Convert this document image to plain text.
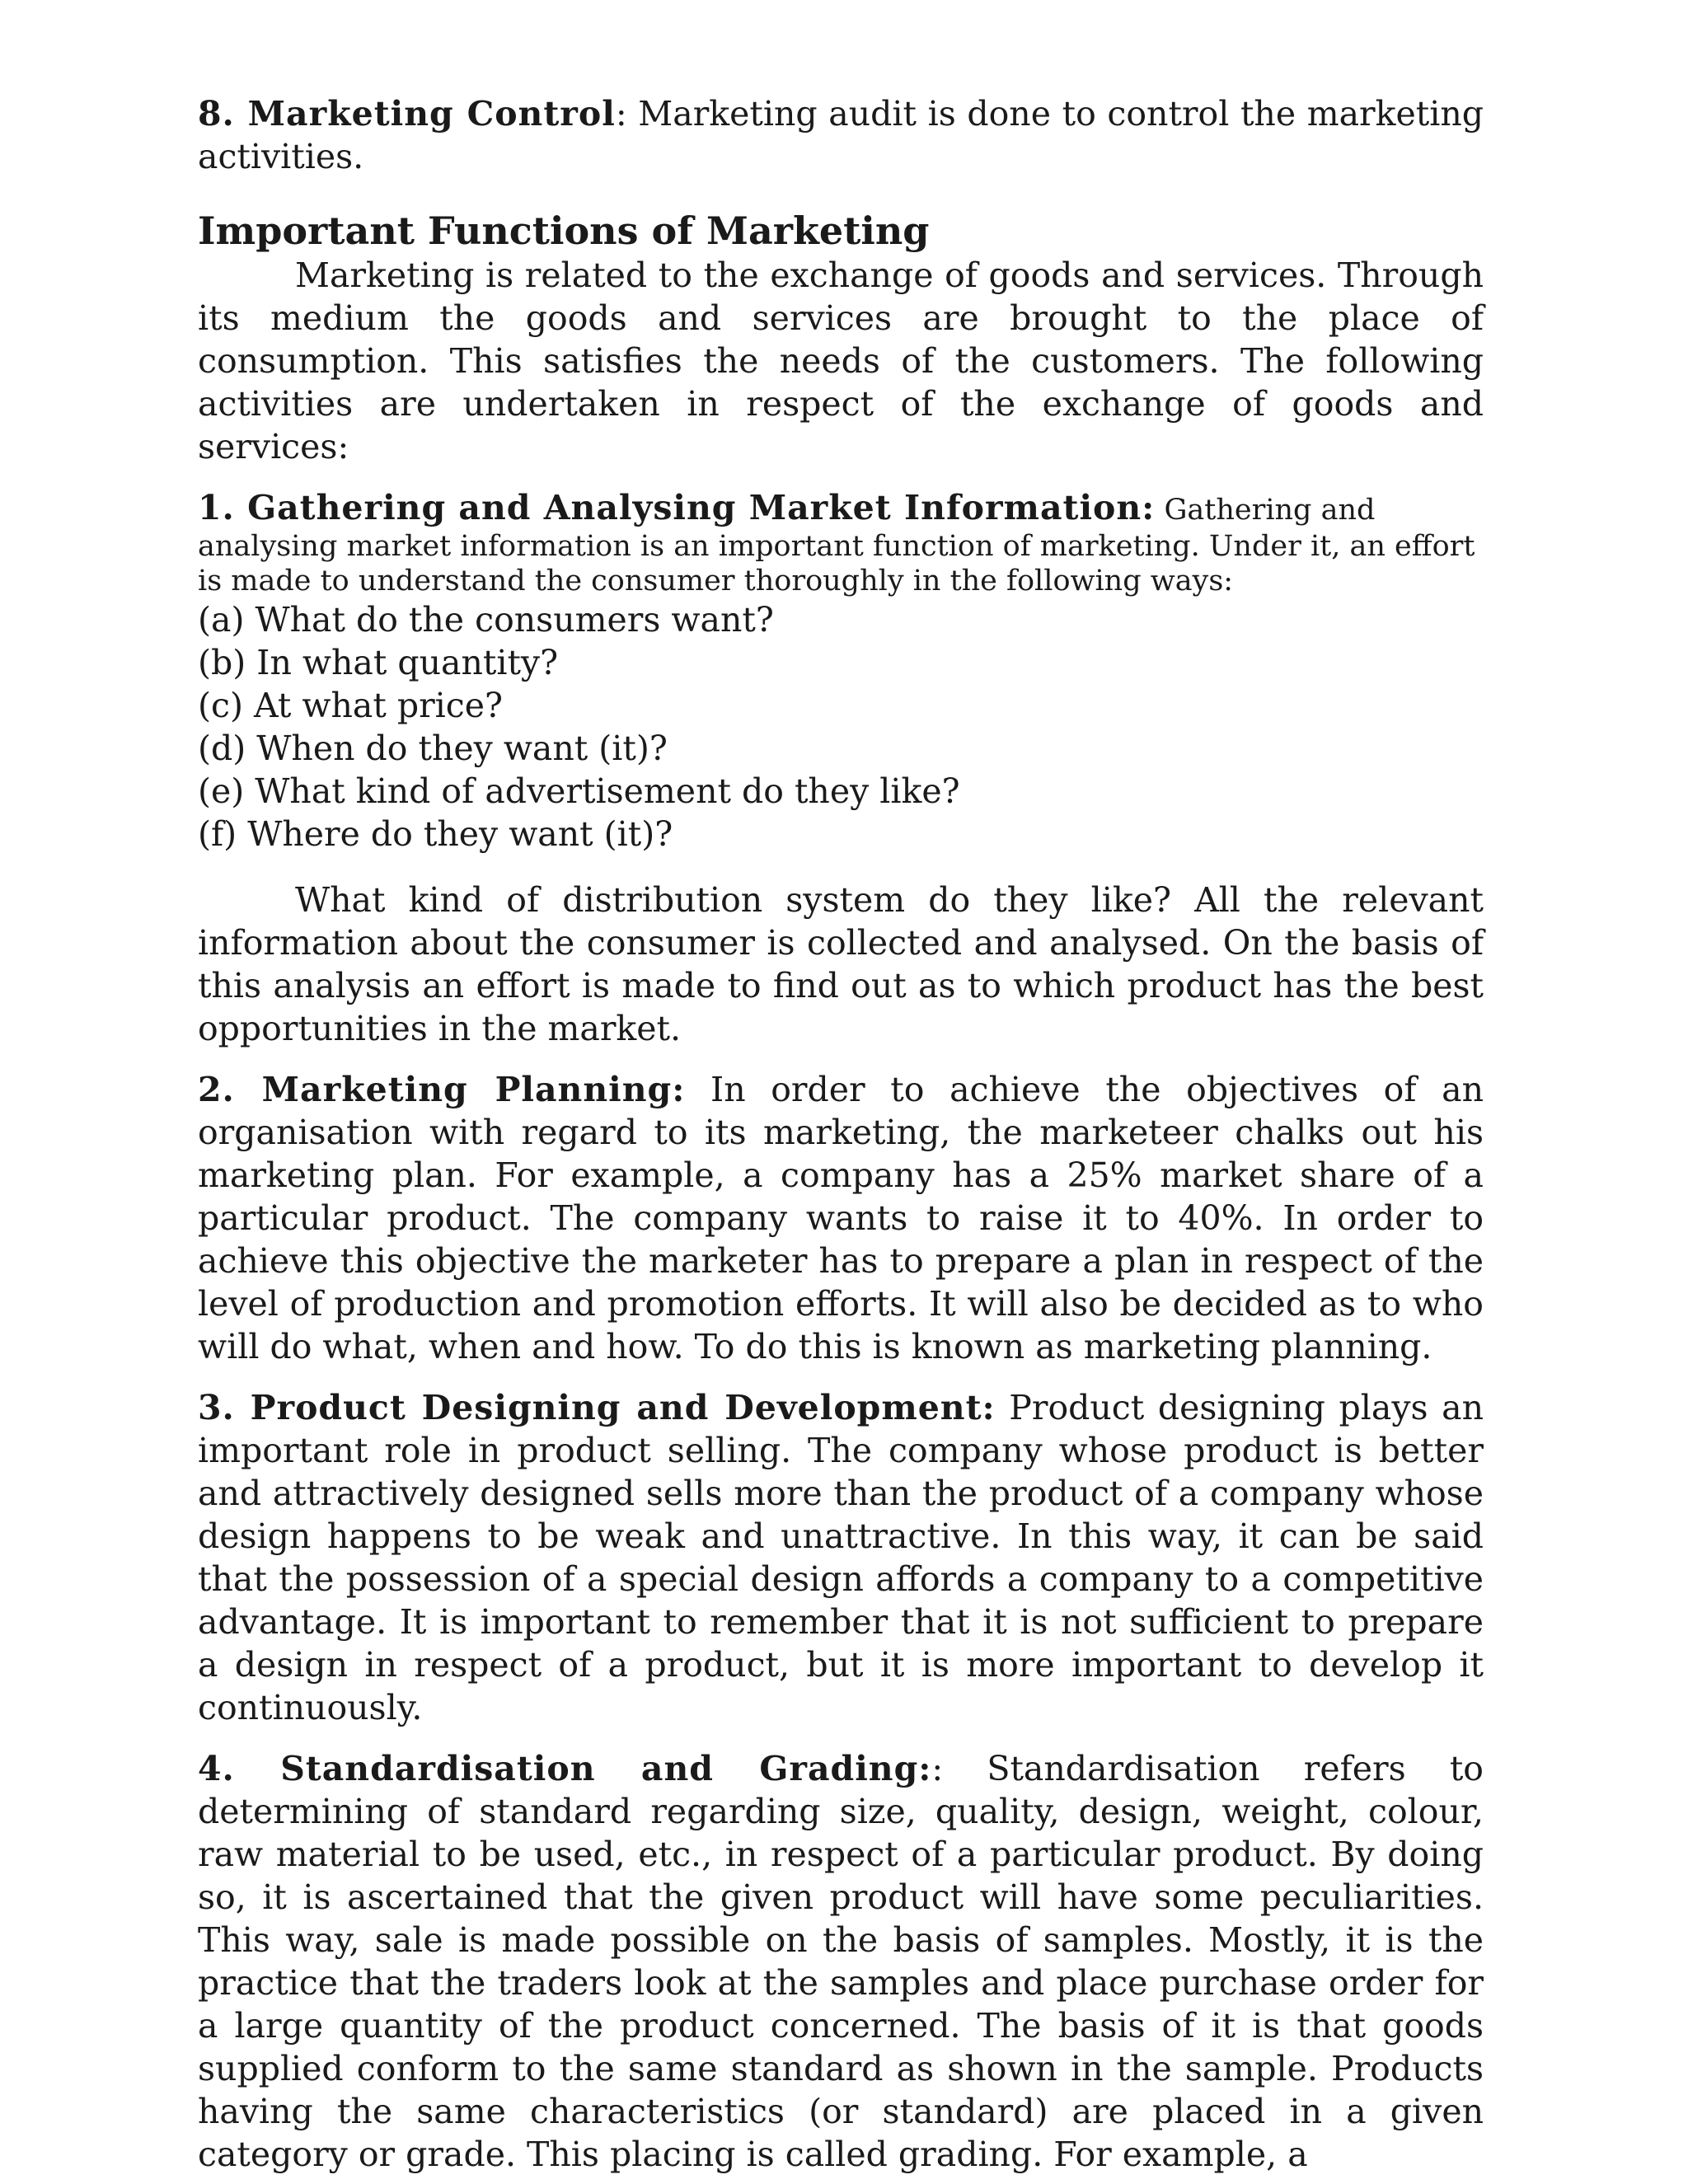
8. Marketing Control: Marketing audit is done to control the marketing activities.

Important Functions of Marketing

Marketing is related to the exchange of goods and services. Through its medium the goods and services are brought to the place of consumption. This satisfies the needs of the customers. The following activities are undertaken in respect of the exchange of goods and services:

1. Gathering and Analysing Market Information: Gathering and analysing market information is an important function of marketing. Under it, an effort is made to understand the consumer thoroughly in the following ways:

(a) What do the consumers want?
(b) In what quantity?
(c) At what price?
(d) When do they want (it)?
(e) What kind of advertisement do they like?
(f) Where do they want (it)?

What kind of distribution system do they like? All the relevant information about the consumer is collected and analysed. On the basis of this analysis an effort is made to find out as to which product has the best opportunities in the market.

2. Marketing Planning: In order to achieve the objectives of an organisation with regard to its marketing, the marketeer chalks out his marketing plan. For example, a company has a 25% market share of a particular product. The company wants to raise it to 40%. In order to achieve this objective the marketer has to prepare a plan in respect of the level of production and promotion efforts. It will also be decided as to who will do what, when and how. To do this is known as marketing planning.

3. Product Designing and Development: Product designing plays an important role in product selling. The company whose product is better and attractively designed sells more than the product of a company whose design happens to be weak and unattractive. In this way, it can be said that the possession of a special design affords a company to a competitive advantage. It is important to remember that it is not sufficient to prepare a design in respect of a product, but it is more important to develop it continuously.

4. Standardisation and Grading:: Standardisation refers to determining of standard regarding size, quality, design, weight, colour, raw material to be used, etc., in respect of a particular product. By doing so, it is ascertained that the given product will have some peculiarities. This way, sale is made possible on the basis of samples. Mostly, it is the practice that the traders look at the samples and place purchase order for a large quantity of the product concerned. The basis of it is that goods supplied conform to the same standard as shown in the sample. Products having the same characteristics (or standard) are placed in a given category or grade. This placing is called grading. For example, a
